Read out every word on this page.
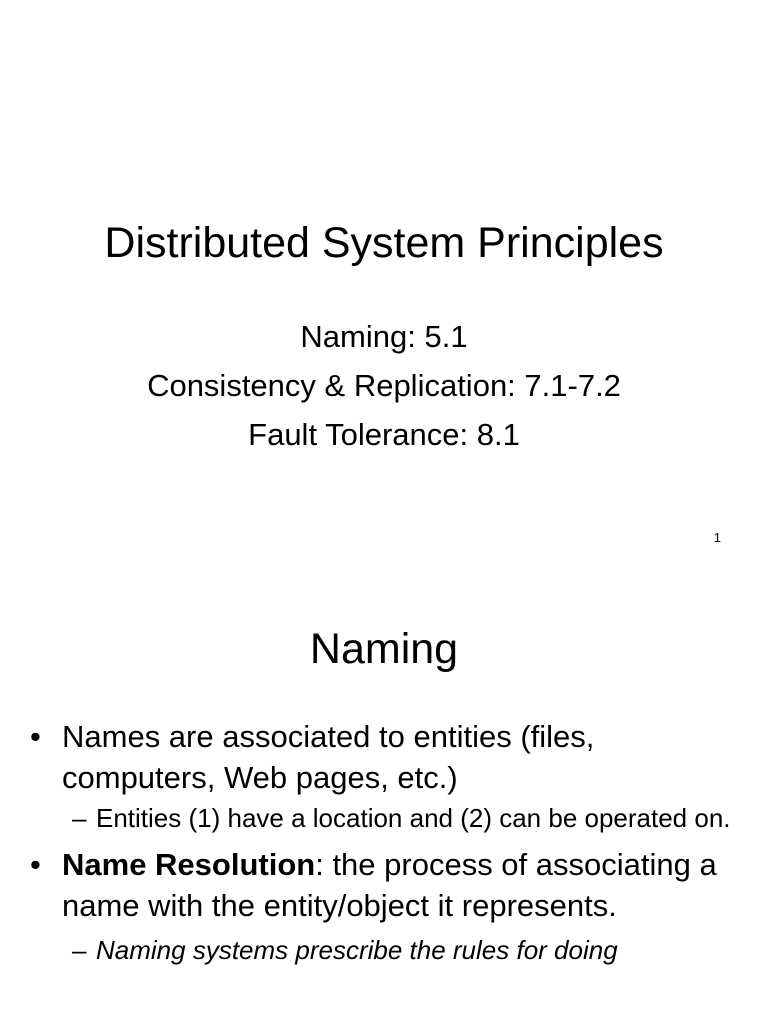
Distributed System Principles
Naming: 5.1
Consistency & Replication: 7.1-7.2
Fault Tolerance: 8.1
1
Naming
• Names are associated to entities (files, computers, Web pages, etc.)
– Entities (1) have a location and (2) can be operated on.
• Name Resolution: the process of associating a name with the entity/object it represents.
– Naming systems prescribe the rules for doing
